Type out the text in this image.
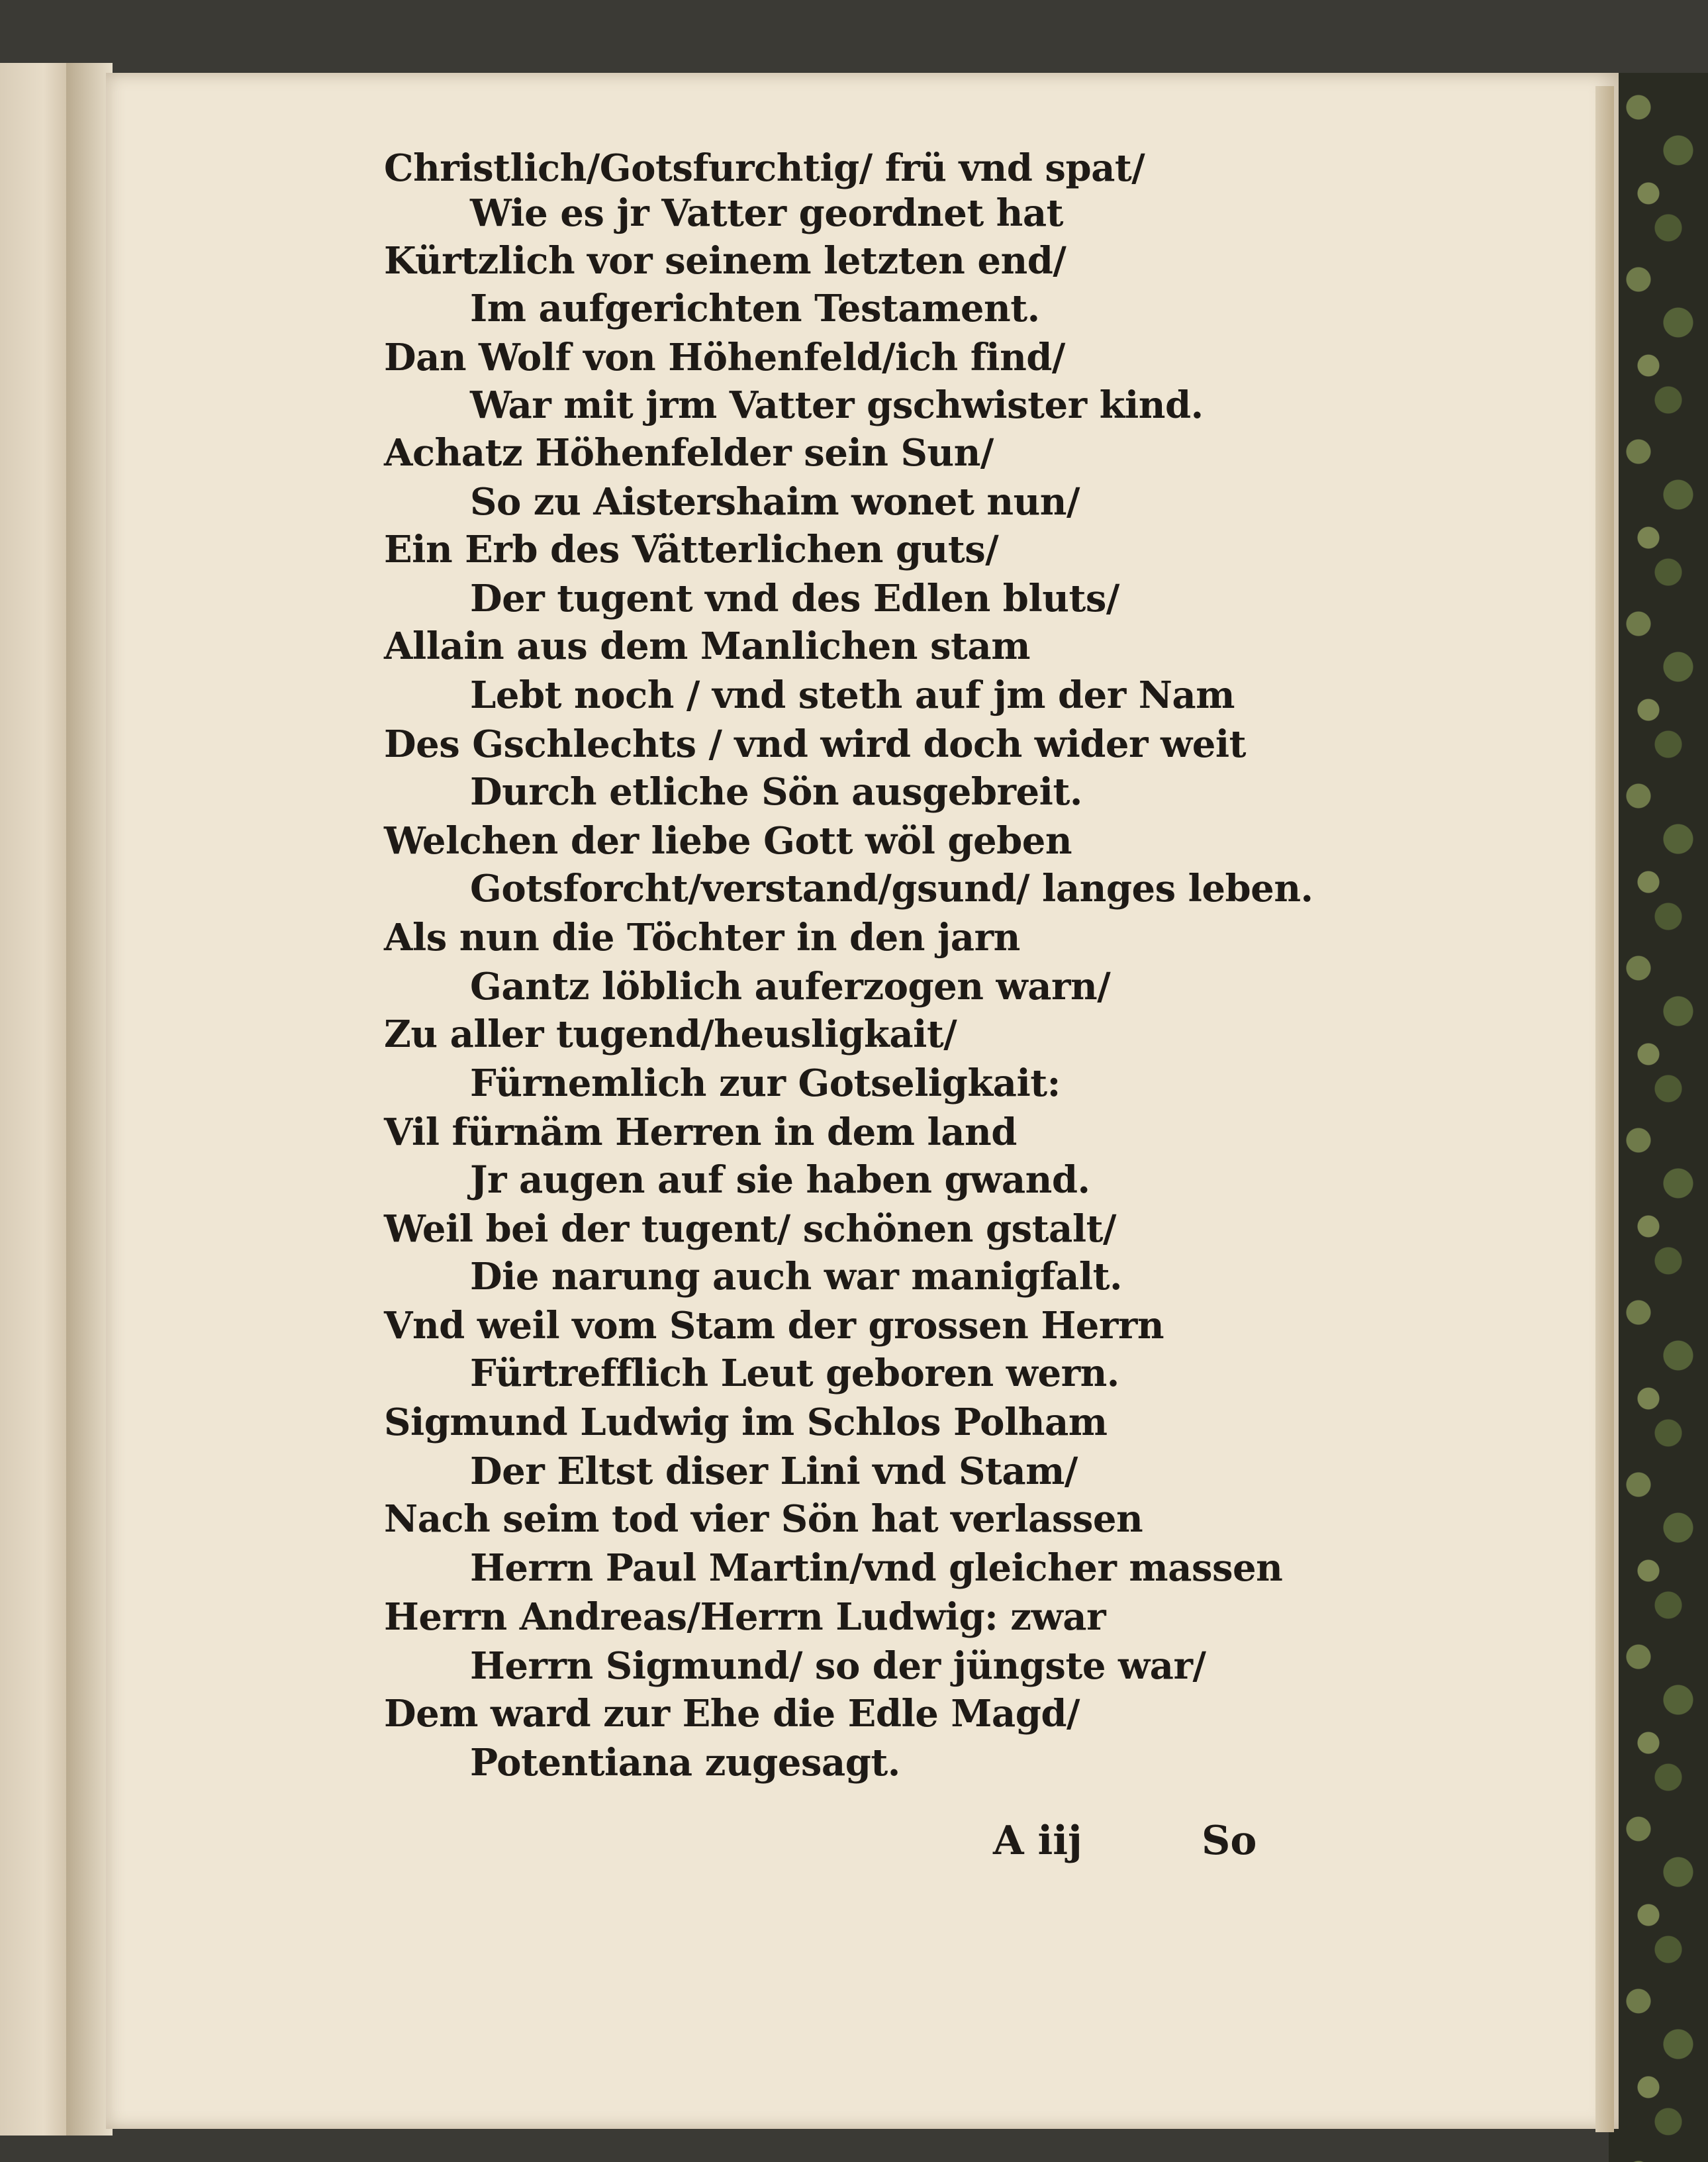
Christlich/Gotsfurchtig/ frü vnd spat/
Wie es jr Vatter geordnet hat
Kürtzlich vor seinem letzten end/
Im aufgerichten Testament.
Dan Wolf von Höhenfeld/ich find/
War mit jrm Vatter gschwister kind.
Achatz Höhenfelder sein Sun/
So zu Aistershaim wonet nun/
Ein Erb des Vätterlichen guts/
Der tugent vnd des Edlen bluts/
Allain aus dem Manlichen stam
Lebt noch / vnd steth auf jm der Nam
Des Gschlechts / vnd wird doch wider weit
Durch etliche Sön ausgebreit.
Welchen der liebe Gott wöl geben
Gotsforcht/verstand/gsund/ langes leben.
Als nun die Töchter in den jarn
Gantz löblich auferzogen warn/
Zu aller tugend/heusligkait/
Fürnemlich zur Gotseligkait:
Vil fürnäm Herren in dem land
Jr augen auf sie haben gwand.
Weil bei der tugent/ schönen gstalt/
Die narung auch war manigfalt.
Vnd weil vom Stam der grossen Herrn
Fürtrefflich Leut geboren wern.
Sigmund Ludwig im Schlos Polham
Der Eltst diser Lini vnd Stam/
Nach seim tod vier Sön hat verlassen
Herrn Paul Martin/vnd gleicher massen
Herrn Andreas/Herrn Ludwig: zwar
Herrn Sigmund/ so der jüngste war/
Dem ward zur Ehe die Edle Magd/
Potentiana zugesagt.
A iij	So
